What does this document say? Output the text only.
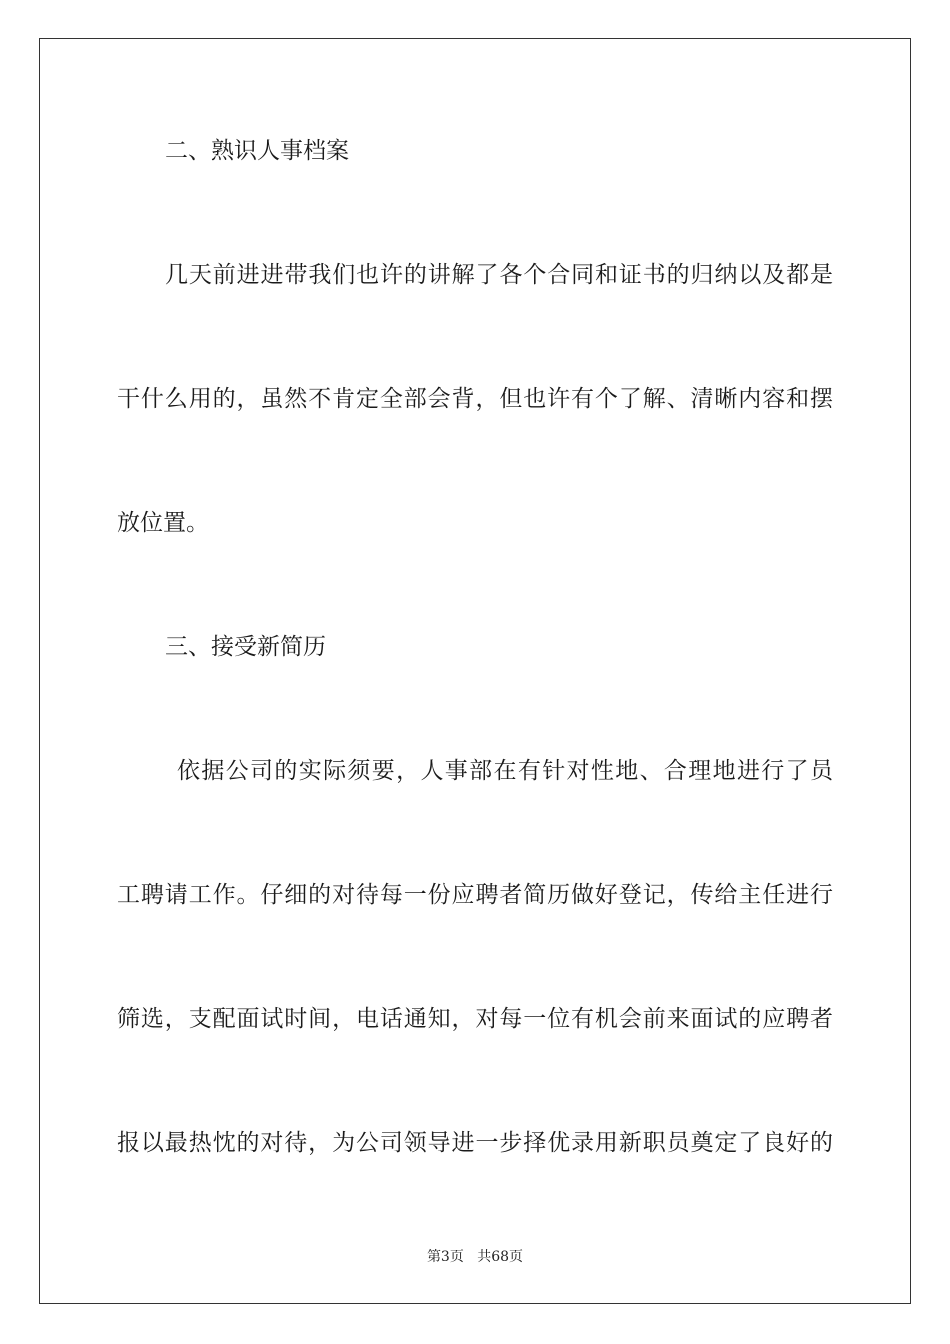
二、熟识人事档案
几天前进进带我们也许的讲解了各个合同和证书的归纳以及都是
干什么用的，虽然不肯定全部会背，但也许有个了解、清晰内容和摆
放位置。
三、接受新简历
依据公司的实际须要，人事部在有针对性地、合理地进行了员
工聘请工作。仔细的对待每一份应聘者简历做好登记，传给主任进行
筛选，支配面试时间，电话通知，对每一位有机会前来面试的应聘者
报以最热忱的对待，为公司领导进一步择优录用新职员奠定了良好的
第3页 共68页
